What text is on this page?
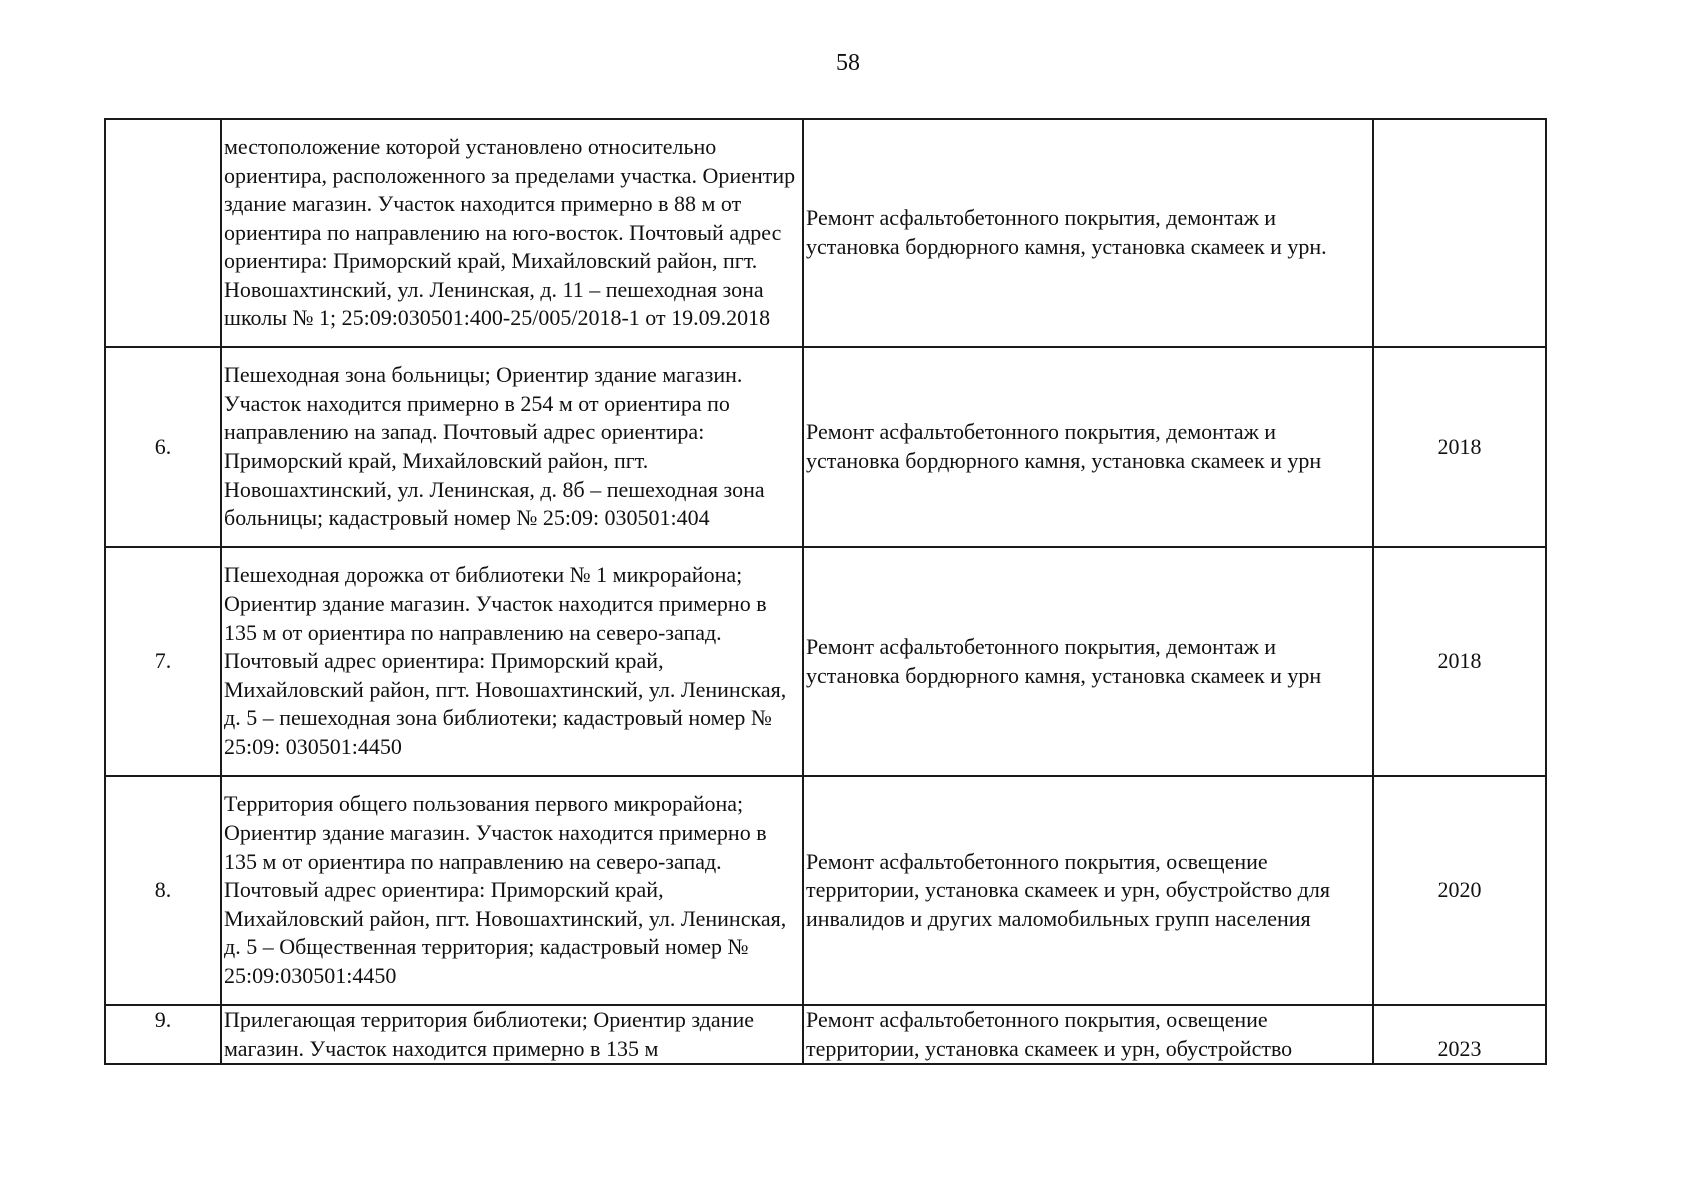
58
	местоположение которой установлено относительно ориентира, расположенного за пределами участка. Ориентир здание магазин. Участок находится примерно в 88 м от ориентира по направлению на юго-восток. Почтовый адрес ориентира: Приморский край, Михайловский район, пгт. Новошахтинский, ул. Ленинская, д. 11 – пешеходная зона школы № 1; 25:09:030501:400-25/005/2018-1 от 19.09.2018	Ремонт асфальтобетонного покрытия, демонтаж и установка бордюрного камня, установка скамеек и урн.	
6.	Пешеходная зона больницы; Ориентир здание магазин. Участок находится примерно в 254 м от ориентира по направлению на запад. Почтовый адрес ориентира: Приморский край, Михайловский район, пгт. Новошахтинский, ул. Ленинская, д. 8б – пешеходная зона больницы; кадастровый номер № 25:09: 030501:404	Ремонт асфальтобетонного покрытия, демонтаж и установка бордюрного камня, установка скамеек и урн	2018
7.	Пешеходная дорожка от библиотеки № 1 микрорайона; Ориентир здание магазин. Участок находится примерно в 135 м от ориентира по направлению на северо-запад. Почтовый адрес ориентира: Приморский край, Михайловский район, пгт. Новошахтинский, ул. Ленинская, д. 5 – пешеходная зона библиотеки; кадастровый номер № 25:09: 030501:4450	Ремонт асфальтобетонного покрытия, демонтаж и установка бордюрного камня, установка скамеек и урн	2018
8.	Территория общего пользования первого микрорайона; Ориентир здание магазин. Участок находится примерно в 135 м от ориентира по направлению на северо-запад. Почтовый адрес ориентира: Приморский край, Михайловский район, пгт. Новошахтинский, ул. Ленинская, д. 5 – Общественная территория; кадастровый номер № 25:09:030501:4450	Ремонт асфальтобетонного покрытия, освещение территории, установка скамеек и урн, обустройство для инвалидов и других маломобильных групп населения	2020
9.	Прилегающая территория библиотеки; Ориентир здание магазин. Участок находится примерно в 135 м	Ремонт асфальтобетонного покрытия, освещение территории, установка скамеек и урн, обустройство	2023
